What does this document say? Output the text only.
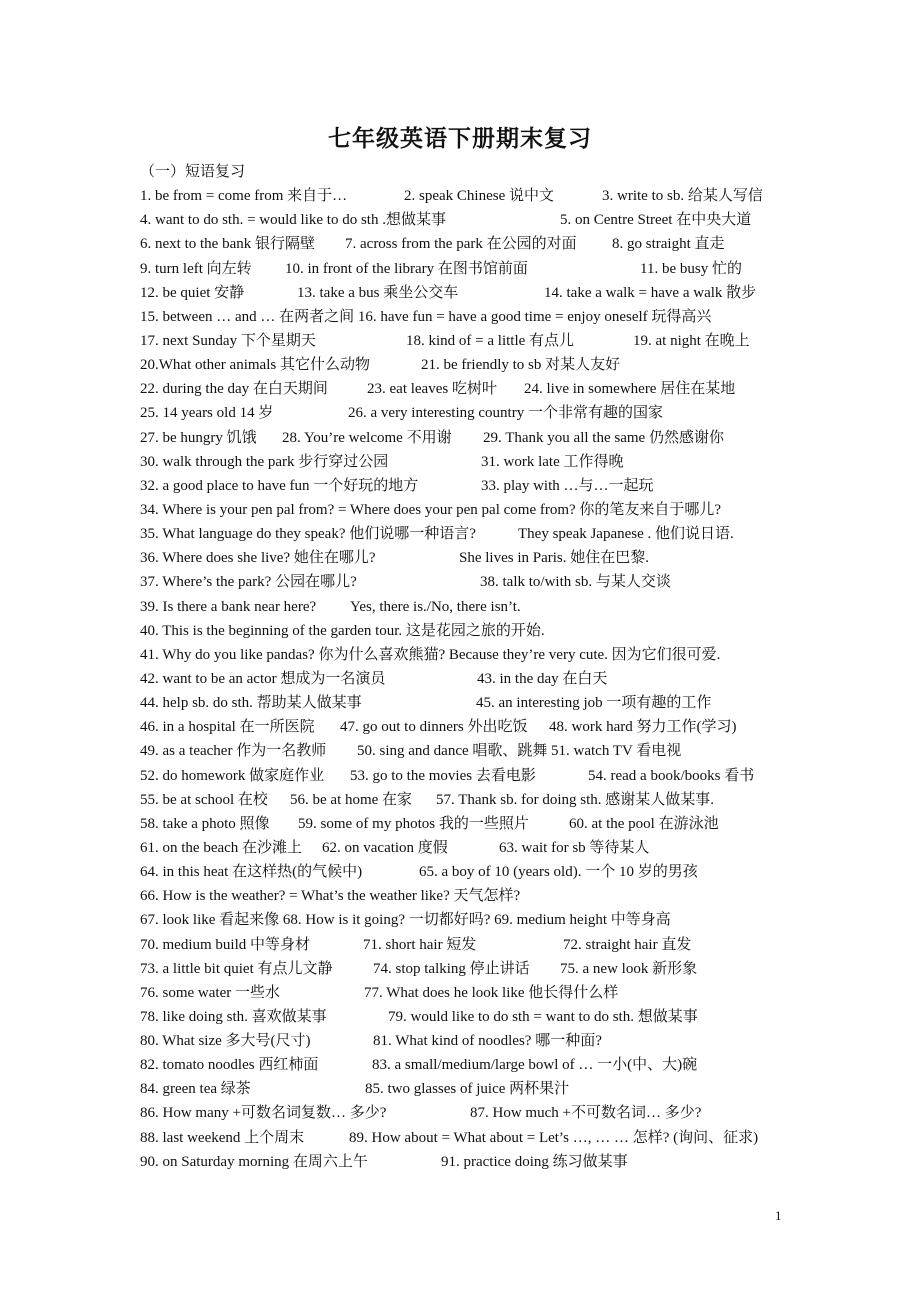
七年级英语下册期末复习
（一）短语复习
1. be from = come from 来自于…	2. speak Chinese 说中文	3. write to sb. 给某人写信
4. want to do sth. = would like to do sth .想做某事	5. on Centre Street 在中央大道
6. next to the bank 银行隔壁 7. across from the park 在公园的对面 8. go straight 直走
9. turn left 向左转 10. in front of the library 在图书馆前面	11. be busy 忙的
12. be quiet 安静	13. take a bus 乘坐公交车	14. take a walk = have a walk 散步
15. between … and … 在两者之间 16. have fun = have a good time = enjoy oneself 玩得高兴
17. next Sunday 下个星期天	18. kind of = a little 有点儿	19. at night 在晚上
20.What other animals 其它什么动物	21. be friendly to sb 对某人友好
22. during the day 在白天期间	23. eat leaves 吃树叶 24. live in somewhere 居住在某地
25. 14 years old 14 岁	26. a very interesting country 一个非常有趣的国家
27. be hungry 饥饿 28. You’re welcome 不用谢 29. Thank you all the same 仍然感谢你
30. walk through the park 步行穿过公园	31. work late 工作得晚
32. a good place to have fun 一个好玩的地方	33. play with …与…一起玩
34. Where is your pen pal from? = Where does your pen pal come from? 你的笔友来自于哪儿?
35. What language do they speak? 他们说哪一种语言?	They speak Japanese . 他们说日语.
36. Where does she live? 她住在哪儿?	She lives in Paris. 她住在巴黎.
37. Where’s the park? 公园在哪儿?	38. talk to/with sb. 与某人交谈
39. Is there a bank near here? Yes, there is./No, there isn’t.
40. This is the beginning of the garden tour. 这是花园之旅的开始.
41. Why do you like pandas? 你为什么喜欢熊猫? Because they’re very cute. 因为它们很可爱.
42. want to be an actor 想成为一名演员	43. in the day 在白天
44. help sb. do sth. 帮助某人做某事	45. an interesting job 一项有趣的工作
46. in a hospital 在一所医院 47. go out to dinners 外出吃饭 48. work hard 努力工作(学习)
49. as a teacher 作为一名教师 50. sing and dance 唱歌、跳舞 51. watch TV 看电视
52. do homework 做家庭作业 53. go to the movies 去看电影	54. read a book/books 看书
55. be at school 在校 56. be at home 在家 57. Thank sb. for doing sth. 感谢某人做某事.
58. take a photo 照像 59. some of my photos 我的一些照片	60. at the pool 在游泳池
61. on the beach 在沙滩上 62. on vacation 度假	63. wait for sb 等待某人
64. in this heat 在这样热(的气候中)	65. a boy of 10 (years old). 一个 10 岁的男孩
66. How is the weather? = What’s the weather like? 天气怎样?
67. look like 看起来像 68. How is it going? 一切都好吗? 69. medium height 中等身高
70. medium build 中等身材	71. short hair 短发	72. straight hair 直发
73. a little bit quiet 有点儿文静	74. stop talking 停止讲话 75. a new look 新形象
76. some water 一些水	77. What does he look like 他长得什么样
78. like doing sth. 喜欢做某事	79. would like to do sth = want to do sth. 想做某事
80. What size 多大号(尺寸)	81. What kind of noodles? 哪一种面?
82. tomato noodles 西红柿面	83. a small/medium/large bowl of … 一小(中、大)碗
84. green tea 绿茶	85. two glasses of juice 两杯果汁
86. How many +可数名词复数… 多少?	87. How much +不可数名词… 多少?
88. last weekend 上个周末	89. How about = What about = Let’s …, … … 怎样? (询问、征求)
90. on Saturday morning 在周六上午	91. practice doing 练习做某事
1
